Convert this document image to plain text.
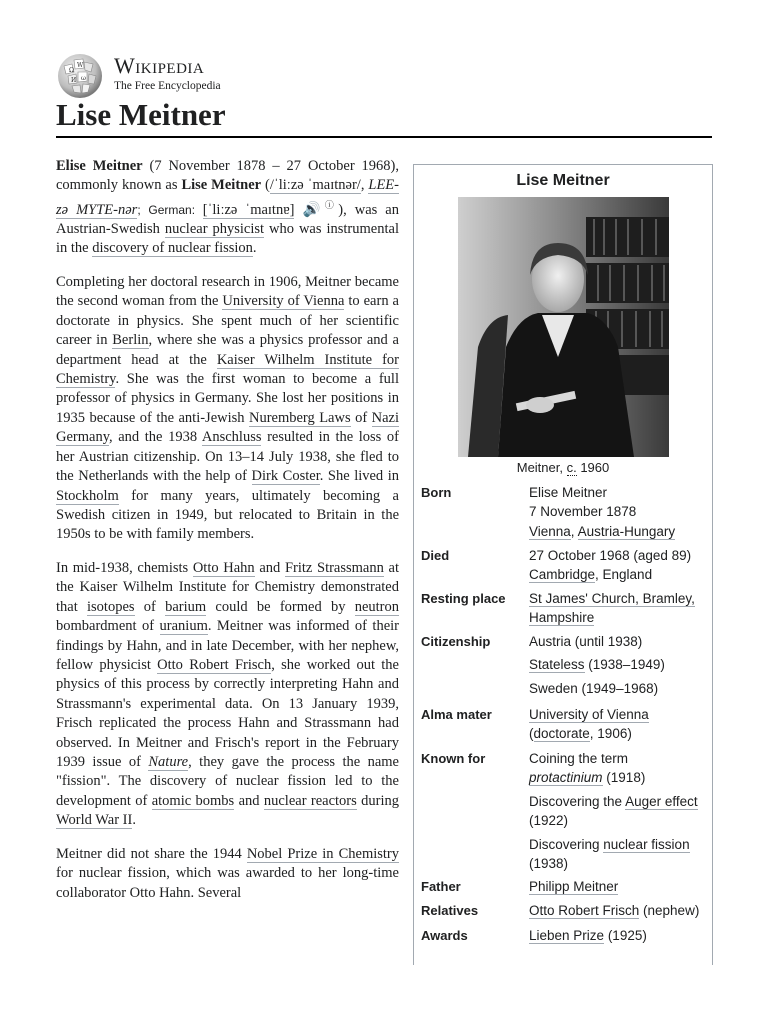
Ω
W
ω
И
Wikipedia
The Free Encyclopedia
Lise Meitner

Elise Meitner (7 November 1878 – 27 October 1968), commonly known as Lise Meitner (/ˈliːzə ˈmaɪtnər/, LEE-zə MYTE-nər; German: [ˈliːzə ˈmaɪtnɐ] 🔊ⓘ), was an Austrian-Swedish nuclear physicist who was instrumental in the discovery of nuclear fission.

Completing her doctoral research in 1906, Meitner became the second woman from the University of Vienna to earn a doctorate in physics. She spent much of her scientific career in Berlin, where she was a physics professor and a department head at the Kaiser Wilhelm Institute for Chemistry. She was the first woman to become a full professor of physics in Germany. She lost her positions in 1935 because of the anti-Jewish Nuremberg Laws of Nazi Germany, and the 1938 Anschluss resulted in the loss of her Austrian citizenship. On 13–14 July 1938, she fled to the Netherlands with the help of Dirk Coster. She lived in Stockholm for many years, ultimately becoming a Swedish citizen in 1949, but relocated to Britain in the 1950s to be with family members.

In mid-1938, chemists Otto Hahn and Fritz Strassmann at the Kaiser Wilhelm Institute for Chemistry demonstrated that isotopes of barium could be formed by neutron bombardment of uranium. Meitner was informed of their findings by Hahn, and in late December, with her nephew, fellow physicist Otto Robert Frisch, she worked out the physics of this process by correctly interpreting Hahn and Strassmann's experimental data. On 13 January 1939, Frisch replicated the process Hahn and Strassmann had observed. In Meitner and Frisch's report in the February 1939 issue of Nature, they gave the process the name "fission". The discovery of nuclear fission led to the development of atomic bombs and nuclear reactors during World War II.

Meitner did not share the 1944 Nobel Prize in Chemistry for nuclear fission, which was awarded to her long-time collaborator Otto Hahn. Several

Lise Meitner
Meitner, c. 1960
Born	Elise Meitner
7 November 1878
Vienna, Austria-Hungary
Died	27 October 1968 (aged 89)
Cambridge, England
Resting place	St James' Church, Bramley,
Hampshire
Citizenship	Austria (until 1938)
Stateless (1938–1949)
Sweden (1949–1968)
Alma mater	University of Vienna
(doctorate, 1906)
Known for	Coining the term
protactinium (1918)
Discovering the Auger effect
(1922)
Discovering nuclear fission
(1938)
Father	Philipp Meitner
Relatives	Otto Robert Frisch (nephew)
Awards	Lieben Prize (1925)
